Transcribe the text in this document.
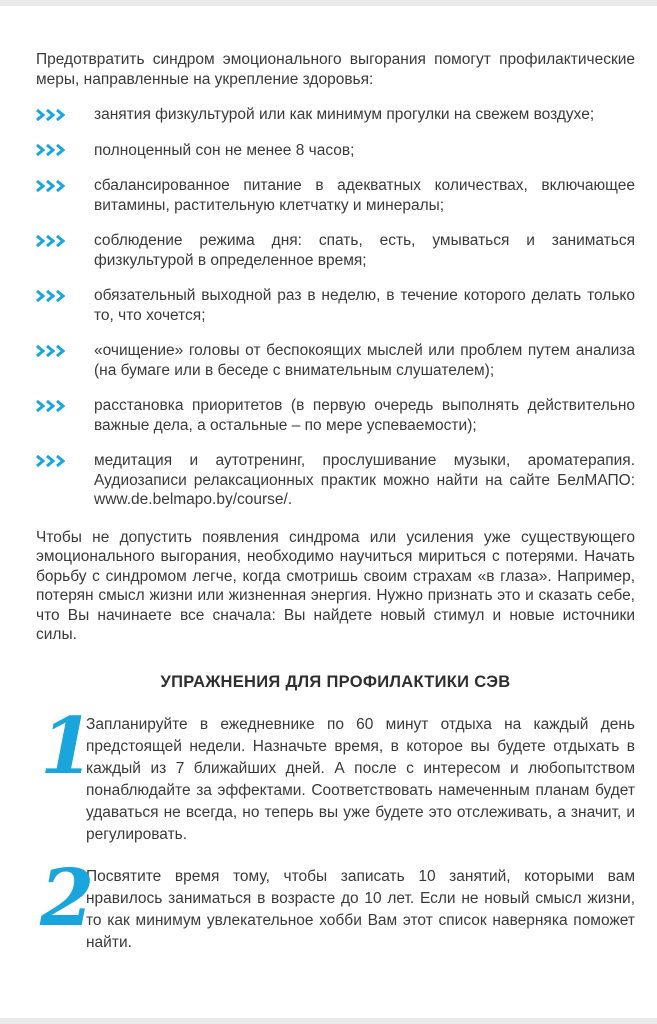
Предотвратить синдром эмоционального выгорания помогут профилактические меры, направленные на укрепление здоровья:

занятия физкультурой или как минимум прогулки на свежем воздухе;
полноценный сон не менее 8 часов;
сбалансированное питание в адекватных количествах, включающее витамины, растительную клетчатку и минералы;
соблюдение режима дня: спать, есть, умываться и заниматься физкультурой в определенное время;
обязательный выходной раз в неделю, в течение которого делать только то, что хочется;
«очищение» головы от беспокоящих мыслей или проблем путем анализа (на бумаге или в беседе с внимательным слушателем);
расстановка приоритетов (в первую очередь выполнять действительно важные дела, а остальные – по мере успеваемости);
медитация и аутотренинг, прослушивание музыки, ароматерапия. Аудиозаписи релаксационных практик можно найти на сайте БелМАПО: www.de.belmapo.by/course/.

Чтобы не допустить появления синдрома или усиления уже существующего эмоционального выгорания, необходимо научиться мириться с потерями. Начать борьбу с синдромом легче, когда смотришь своим страхам «в глаза». Например, потерян смысл жизни или жизненная энергия. Нужно признать это и сказать себе, что Вы начинаете все сначала: Вы найдете новый стимул и новые источники силы.

УПРАЖНЕНИЯ ДЛЯ ПРОФИЛАКТИКИ СЭВ
1
Запланируйте в ежедневнике по 60 минут отдыха на каждый день предстоящей недели. Назначьте время, в которое вы будете отдыхать в каждый из 7 ближайших дней. А после с интересом и любопытством понаблюдайте за эффектами. Соответствовать намеченным планам будет удаваться не всегда, но теперь вы уже будете это отслеживать, а значит, и регулировать.
2
Посвятите время тому, чтобы записать 10 занятий, которыми вам нравилось заниматься в возрасте до 10 лет. Если не новый смысл жизни, то как минимум увлекательное хобби Вам этот список наверняка поможет найти.
